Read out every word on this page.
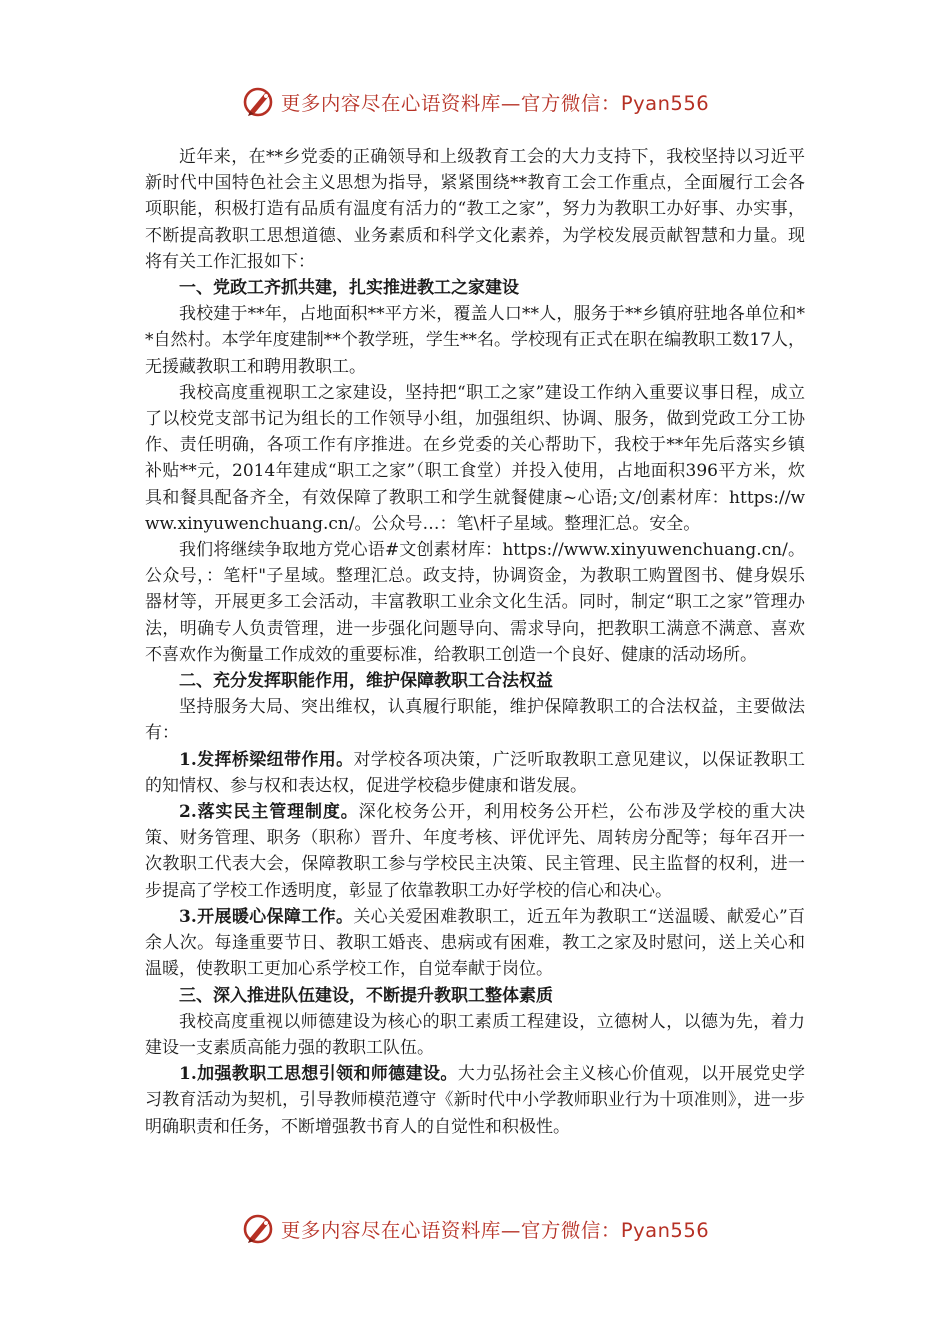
更多内容尽在心语资料库—官方微信：Pyan556

近年来，在**乡党委的正确领导和上级教育工会的大力支持下，我校坚持以习近平新时代中国特色社会主义思想为指导，紧紧围绕**教育工会工作重点，全面履行工会各项职能，积极打造有品质有温度有活力的“教工之家”，努力为教职工办好事、办实事，不断提高教职工思想道德、业务素质和科学文化素养，为学校发展贡献智慧和力量。现将有关工作汇报如下：

一、党政工齐抓共建，扎实推进教工之家建设

我校建于**年，占地面积**平方米，覆盖人口**人，服务于**乡镇府驻地各单位和**自然村。本学年度建制**个教学班，学生**名。学校现有正式在职在编教职工数17人，无援藏教职工和聘用教职工。

我校高度重视职工之家建设，坚持把“职工之家”建设工作纳入重要议事日程，成立了以校党支部书记为组长的工作领导小组，加强组织、协调、服务，做到党政工分工协作、责任明确，各项工作有序推进。在乡党委的关心帮助下，我校于**年先后落实乡镇补贴**元，2014年建成“职工之家”（职工食堂）并投入使用，占地面积396平方米，炊具和餐具配备齐全，有效保障了教职工和学生就餐健康~心语;文/创素材库：https://www.xinyuwenchuang.cn/。公众号…：笔\杆子星域。整理汇总。安全。

我们将继续争取地方党心语#文创素材库：https://www.xinyuwenchuang.cn/。公众号，：笔杆"子星域。整理汇总。政支持，协调资金，为教职工购置图书、健身娱乐器材等，开展更多工会活动，丰富教职工业余文化生活。同时，制定“职工之家”管理办法，明确专人负责管理，进一步强化问题导向、需求导向，把教职工满意不满意、喜欢不喜欢作为衡量工作成效的重要标准，给教职工创造一个良好、健康的活动场所。

二、充分发挥职能作用，维护保障教职工合法权益

坚持服务大局、突出维权，认真履行职能，维护保障教职工的合法权益，主要做法有：

1.发挥桥梁纽带作用。对学校各项决策，广泛听取教职工意见建议，以保证教职工的知情权、参与权和表达权，促进学校稳步健康和谐发展。

2.落实民主管理制度。深化校务公开，利用校务公开栏，公布涉及学校的重大决策、财务管理、职务（职称）晋升、年度考核、评优评先、周转房分配等；每年召开一次教职工代表大会，保障教职工参与学校民主决策、民主管理、民主监督的权利，进一步提高了学校工作透明度，彰显了依靠教职工办好学校的信心和决心。

3.开展暖心保障工作。关心关爱困难教职工，近五年为教职工“送温暖、献爱心”百余人次。每逢重要节日、教职工婚丧、患病或有困难，教工之家及时慰问，送上关心和温暖，使教职工更加心系学校工作，自觉奉献于岗位。

三、深入推进队伍建设，不断提升教职工整体素质

我校高度重视以师德建设为核心的职工素质工程建设，立德树人，以德为先，着力建设一支素质高能力强的教职工队伍。

1.加强教职工思想引领和师德建设。大力弘扬社会主义核心价值观，以开展党史学习教育活动为契机，引导教师模范遵守《新时代中小学教师职业行为十项准则》，进一步明确职责和任务，不断增强教书育人的自觉性和积极性。

更多内容尽在心语资料库—官方微信：Pyan556
